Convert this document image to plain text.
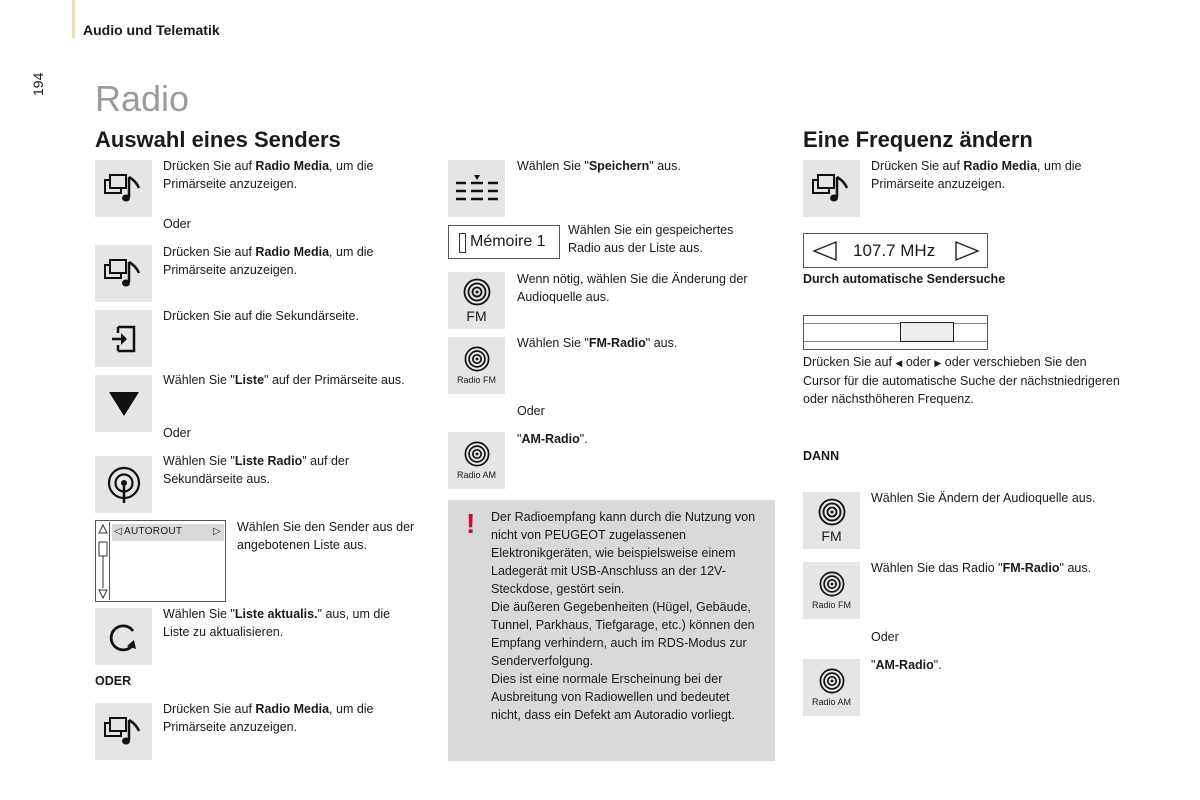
Audio und Telematik
194 Radio
Auswahl eines Senders
Drücken Sie auf Radio Media, um die Primärseite anzuzeigen.
Oder
Drücken Sie auf Radio Media, um die Primärseite anzuzeigen.
Drücken Sie auf die Sekundärseite.
Wählen Sie "Liste" auf der Primärseite aus.
Oder
Wählen Sie "Liste Radio" auf der Sekundärseite aus.
◁ AUTOROUT	▷ Wählen Sie den Sender aus der angebotenen Liste aus.
Wählen Sie "Liste aktualis." aus, um die Liste zu aktualisieren.
ODER
Drücken Sie auf Radio Media, um die Primärseite anzuzeigen.
Wählen Sie "Speichern" aus.
Mémoire 1
Wählen Sie ein gespeichertes Radio aus der Liste aus.
FM
Wenn nötig, wählen Sie die Änderung der Audioquelle aus.
Radio FM
Wählen Sie "FM-Radio" aus.
Oder
Radio AM
"AM-Radio".
! Der Radioempfang kann durch die Nutzung von nicht von PEUGEOT zugelassenen Elektronikgeräten, wie beispielsweise einem Ladegerät mit USB-Anschluss an der 12V-Steckdose, gestört sein.
Die äußeren Gegebenheiten (Hügel, Gebäude, Tunnel, Parkhaus, Tiefgarage, etc.) können den Empfang verhindern, auch im RDS-Modus zur Senderverfolgung.
Dies ist eine normale Erscheinung bei der Ausbreitung von Radiowellen und bedeutet nicht, dass ein Defekt am Autoradio vorliegt.
Eine Frequenz ändern
Drücken Sie auf Radio Media, um die Primärseite anzuzeigen.
107.7 MHz
Durch automatische Sendersuche
Drücken Sie auf ◀ oder ▶ oder verschieben Sie den Cursor für die automatische Suche der nächstniedrigeren oder nächsthöheren Frequenz.
DANN
FM
Wählen Sie Ändern der Audioquelle aus.
Radio FM
Wählen Sie das Radio "FM-Radio" aus.
Oder
Radio AM
"AM-Radio".
